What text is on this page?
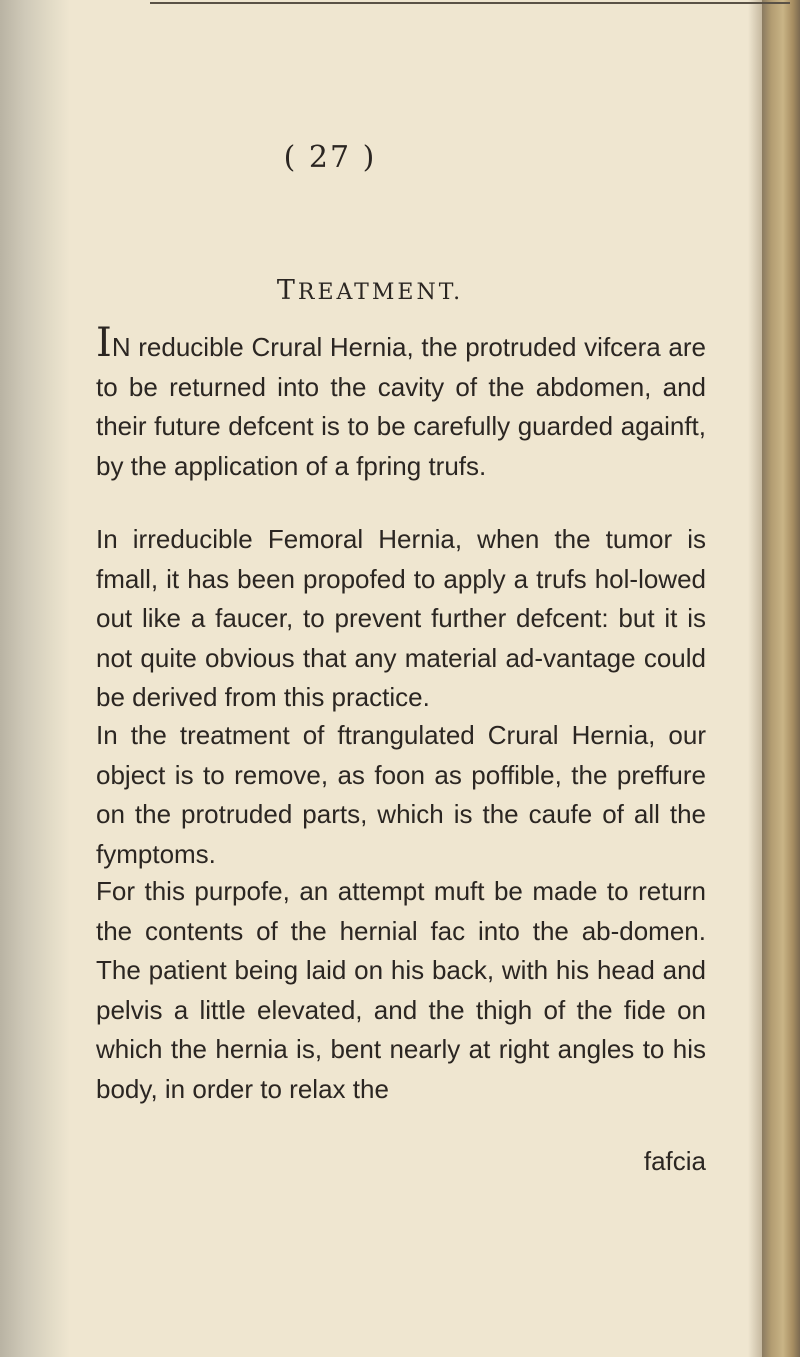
( 27 )
TREATMENT.
IN reducible Crural Hernia, the protruded vifcera are to be returned into the cavity of the abdomen, and their future defcent is to be carefully guarded againft, by the application of a fpring trufs.
In irreducible Femoral Hernia, when the tumor is fmall, it has been propofed to apply a trufs hol-lowed out like a faucer, to prevent further defcent: but it is not quite obvious that any material ad-vantage could be derived from this practice.
In the treatment of ftrangulated Crural Hernia, our object is to remove, as foon as poffible, the preffure on the protruded parts, which is the caufe of all the fymptoms.
For this purpofe, an attempt muft be made to return the contents of the hernial fac into the ab-domen. The patient being laid on his back, with his head and pelvis a little elevated, and the thigh of the fide on which the hernia is, bent nearly at right angles to his body, in order to relax the
fafcia
